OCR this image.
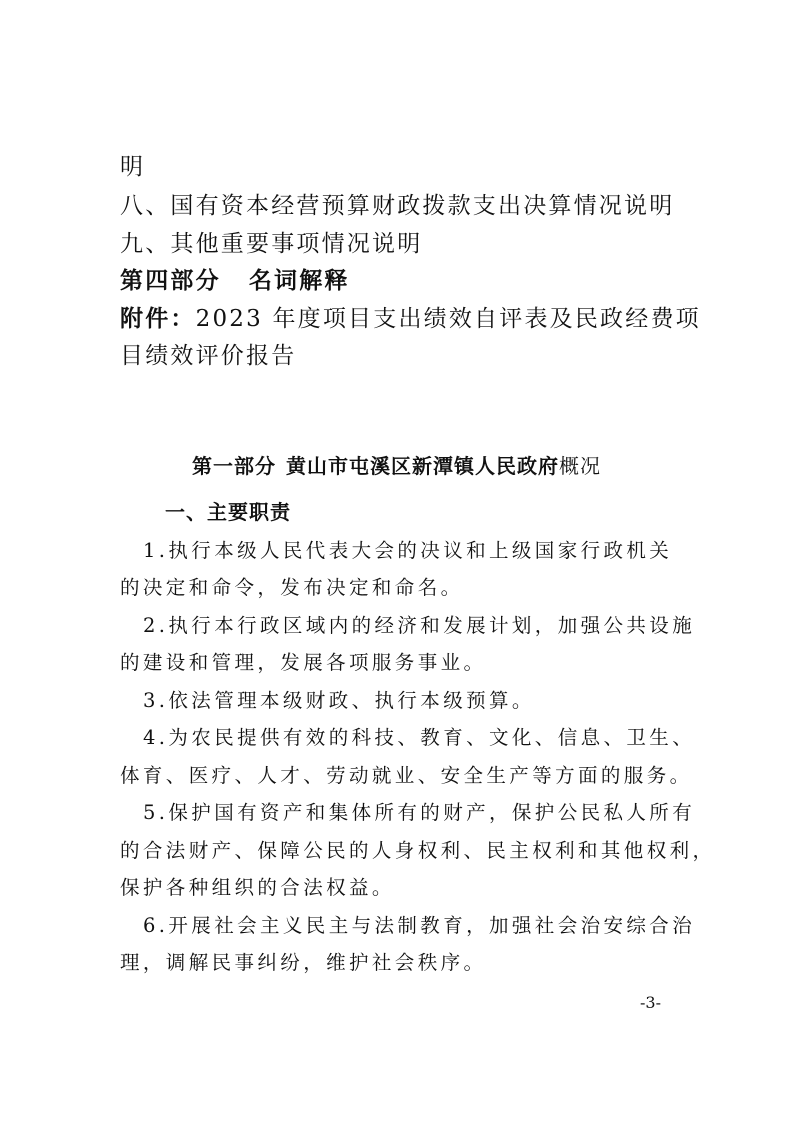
明
八、国有资本经营预算财政拨款支出决算情况说明
九、其他重要事项情况说明
第四部分 名词解释
附件：2023 年度项目支出绩效自评表及民政经费项
目绩效评价报告
第一部分 黄山市屯溪区新潭镇人民政府概况
一、主要职责
1.执行本级人民代表大会的决议和上级国家行政机关
的决定和命令，发布决定和命名。
2.执行本行政区域内的经济和发展计划，加强公共设施
的建设和管理，发展各项服务事业。
3.依法管理本级财政、执行本级预算。
4.为农民提供有效的科技、教育、文化、信息、卫生、
体育、医疗、人才、劳动就业、安全生产等方面的服务。
5.保护国有资产和集体所有的财产，保护公民私人所有
的合法财产、保障公民的人身权利、民主权利和其他权利，
保护各种组织的合法权益。
6.开展社会主义民主与法制教育，加强社会治安综合治
理，调解民事纠纷，维护社会秩序。
-3-
